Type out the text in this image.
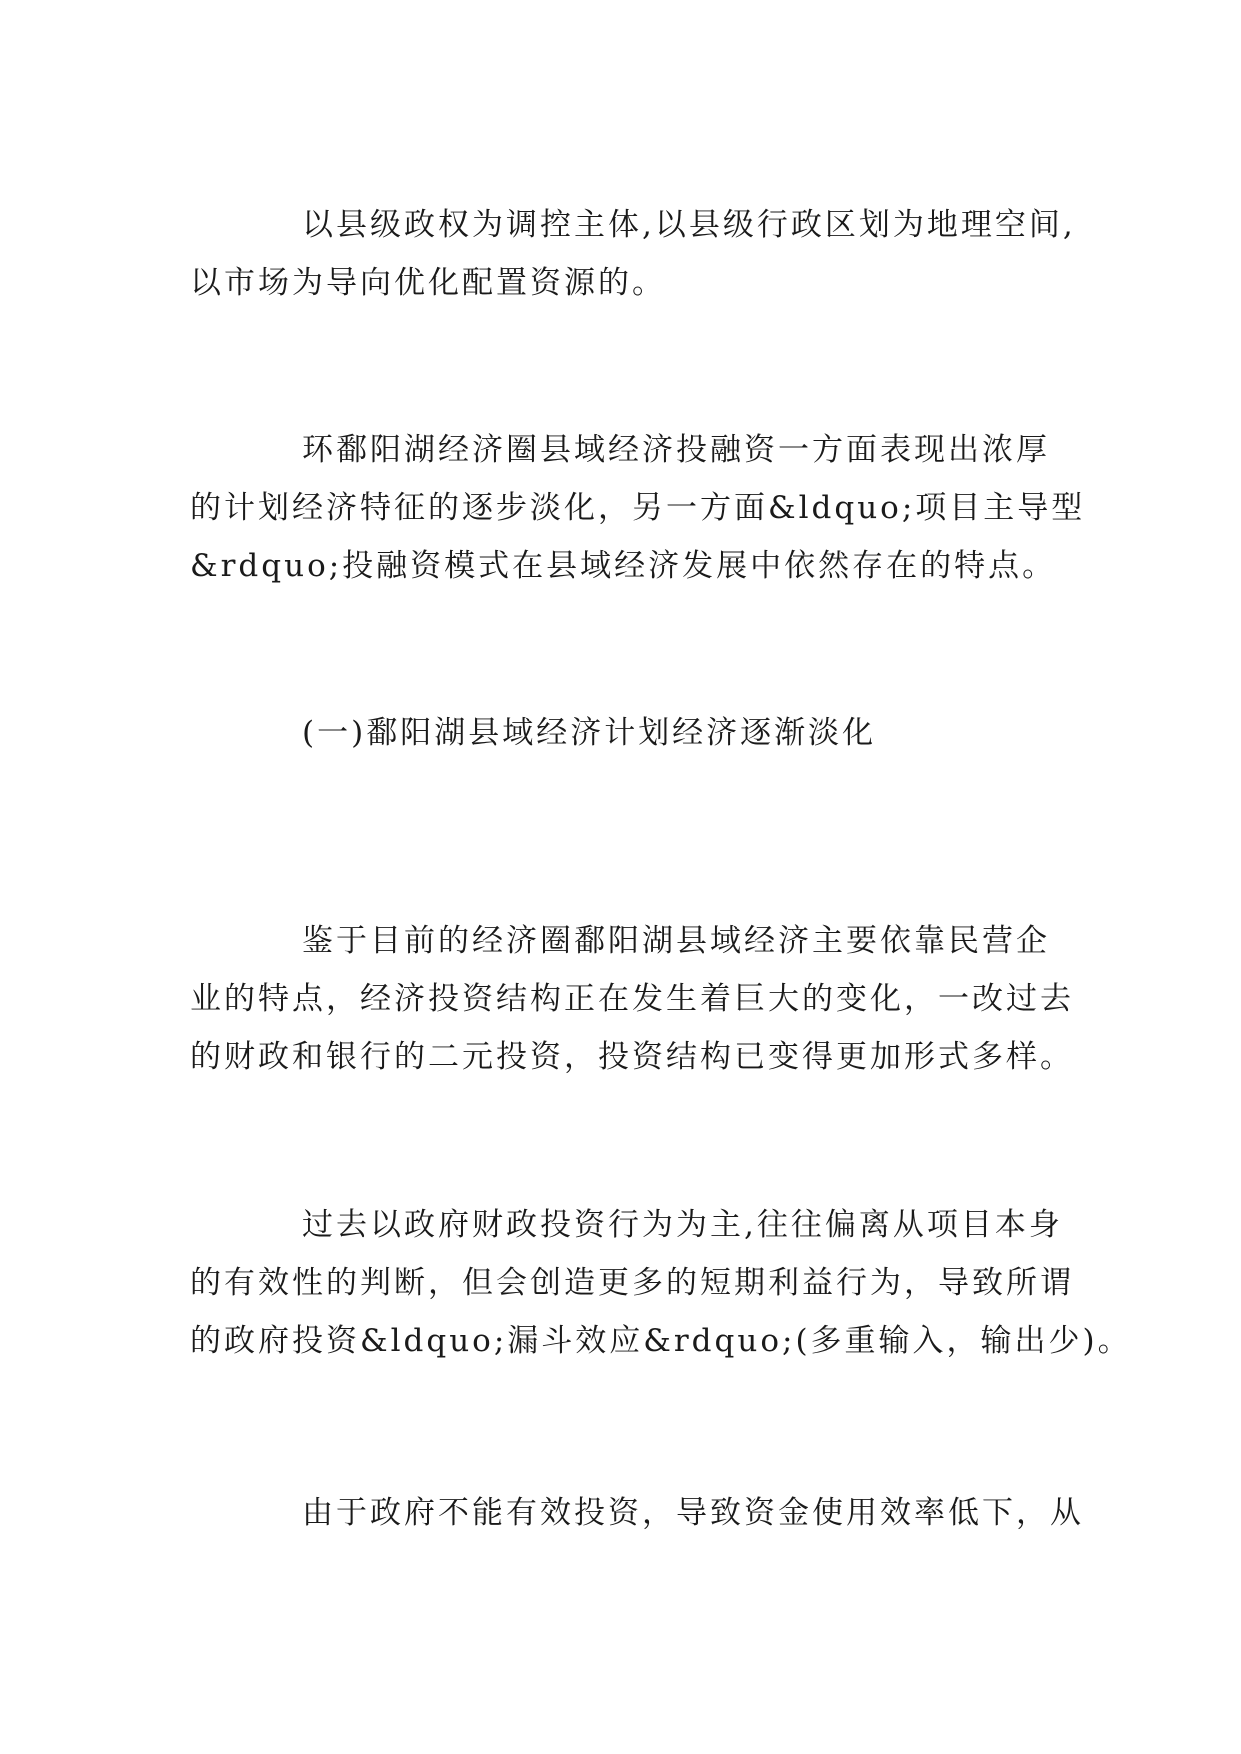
以县级政权为调控主体,以县级行政区划为地理空间,
以市场为导向优化配置资源的。
环鄱阳湖经济圈县域经济投融资一方面表现出浓厚
的计划经济特征的逐步淡化，另一方面&ldquo;项目主导型
&rdquo;投融资模式在县域经济发展中依然存在的特点。
(一)鄱阳湖县域经济计划经济逐渐淡化
鉴于目前的经济圈鄱阳湖县域经济主要依靠民营企
业的特点，经济投资结构正在发生着巨大的变化，一改过去
的财政和银行的二元投资，投资结构已变得更加形式多样。
过去以政府财政投资行为为主,往往偏离从项目本身
的有效性的判断，但会创造更多的短期利益行为，导致所谓
的政府投资&ldquo;漏斗效应&rdquo;(多重输入，输出少)。
由于政府不能有效投资，导致资金使用效率低下，从
